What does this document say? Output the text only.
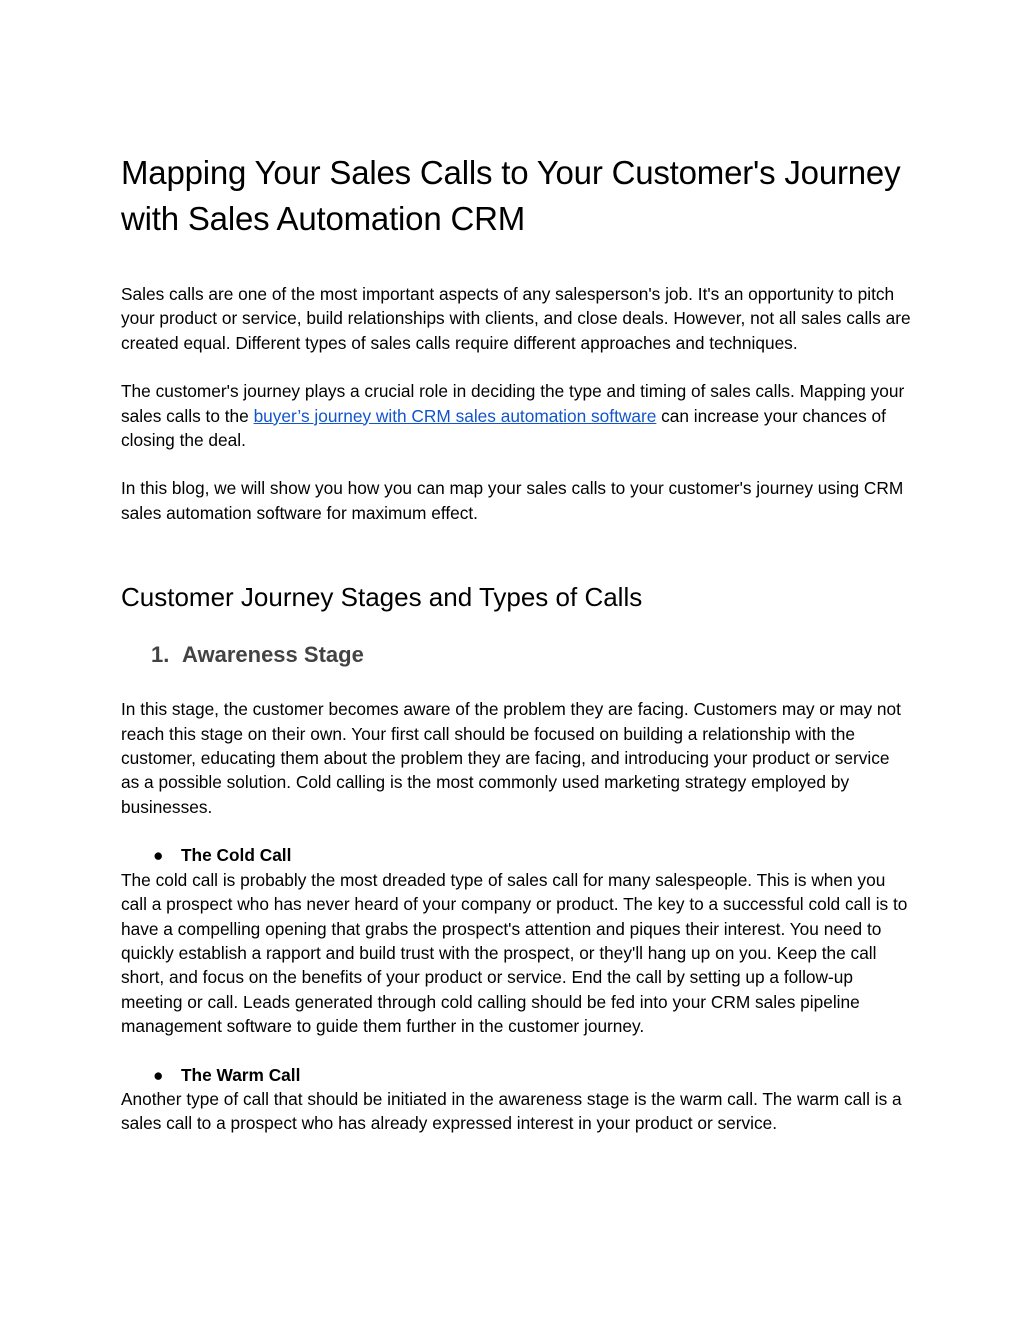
Mapping Your Sales Calls to Your Customer's Journey with Sales Automation CRM

Sales calls are one of the most important aspects of any salesperson's job. It's an opportunity to pitch your product or service, build relationships with clients, and close deals. However, not all sales calls are created equal. Different types of sales calls require different approaches and techniques.

The customer's journey plays a crucial role in deciding the type and timing of sales calls. Mapping your sales calls to the buyer’s journey with CRM sales automation software can increase your chances of closing the deal.

In this blog, we will show you how you can map your sales calls to your customer's journey using CRM sales automation software for maximum effect.

Customer Journey Stages and Types of Calls
1. Awareness Stage

In this stage, the customer becomes aware of the problem they are facing. Customers may or may not reach this stage on their own. Your first call should be focused on building a relationship with the customer, educating them about the problem they are facing, and introducing your product or service as a possible solution. Cold calling is the most commonly used marketing strategy employed by businesses.

● The Cold Call

The cold call is probably the most dreaded type of sales call for many salespeople. This is when you call a prospect who has never heard of your company or product. The key to a successful cold call is to have a compelling opening that grabs the prospect's attention and piques their interest. You need to quickly establish a rapport and build trust with the prospect, or they'll hang up on you. Keep the call short, and focus on the benefits of your product or service. End the call by setting up a follow-up meeting or call. Leads generated through cold calling should be fed into your CRM sales pipeline management software to guide them further in the customer journey.

● The Warm Call

Another type of call that should be initiated in the awareness stage is the warm call. The warm call is a sales call to a prospect who has already expressed interest in your product or service.
